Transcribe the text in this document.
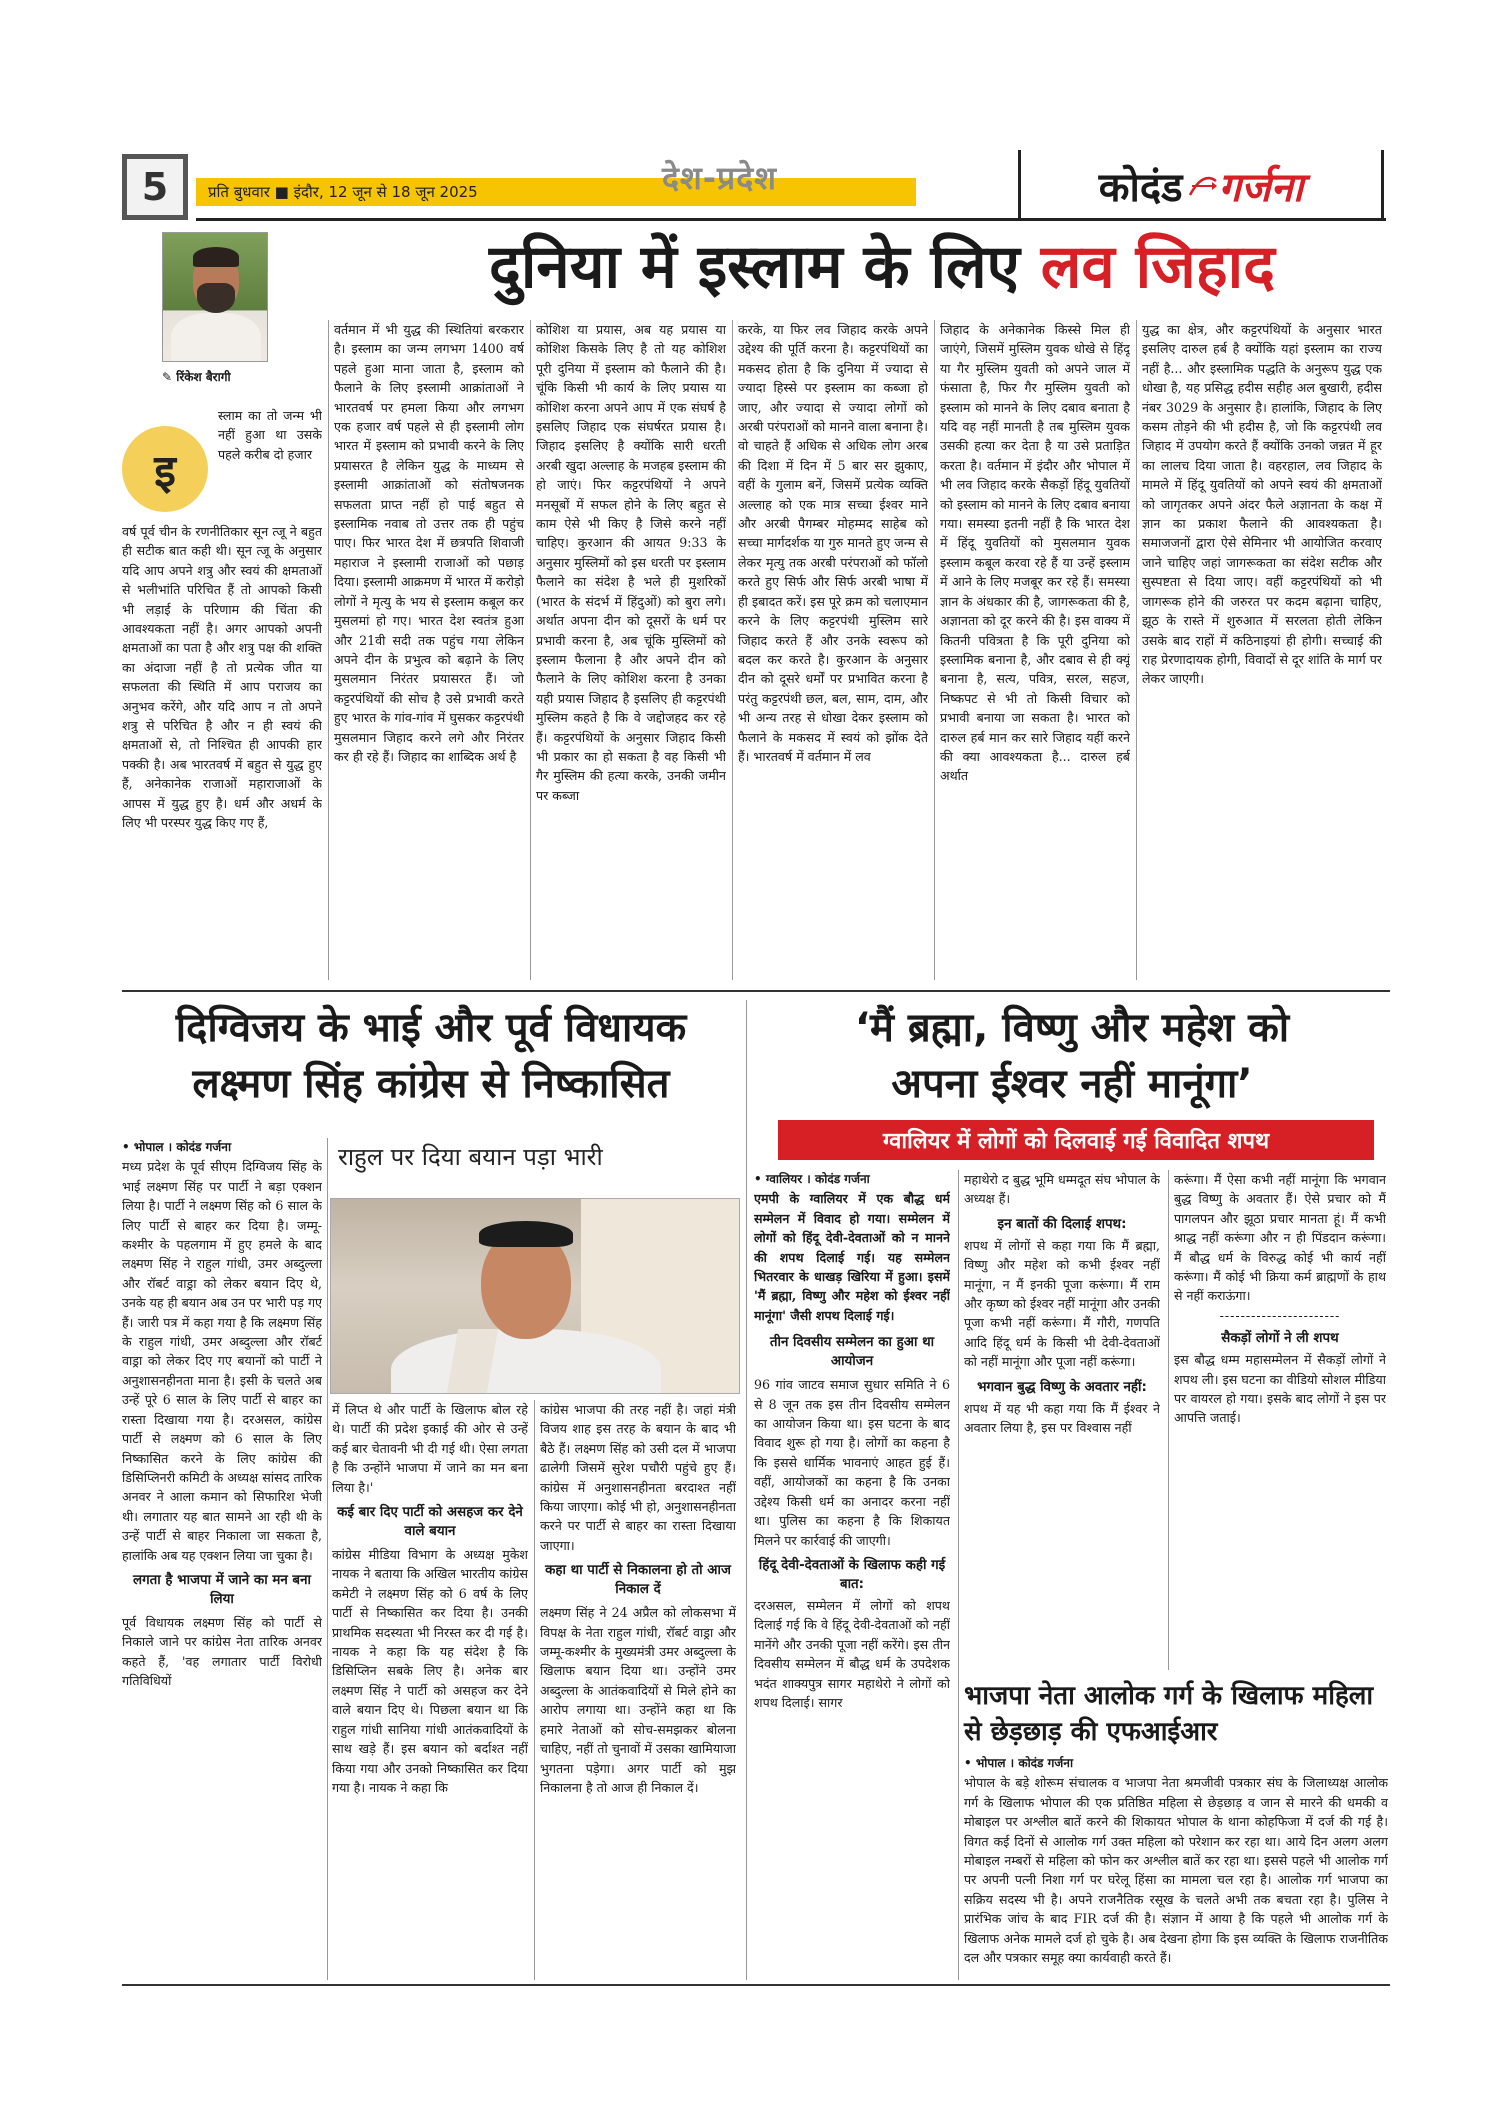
5	प्रति बुधवार ■ इंदौर, 12 जून से 18 जून 2025	देश-प्रदेश	कोदंड गर्जना
दुनिया में इस्लाम के लिए लव जिहाद
✎ रिंकेश बैरागी
इ
स्लाम का तो जन्म भी नहीं हुआ था उसके पहले करीब दो हजार
वर्ष पूर्व चीन के रणनीतिकार सून त्जू ने बहुत ही सटीक बात कही थी। सून त्जू के अनुसार यदि आप अपने शत्रु और स्वयं की क्षमताओं से भलीभांति परिचित हैं तो आपको किसी भी लड़ाई के परिणाम की चिंता की आवश्यकता नहीं है। अगर आपको अपनी क्षमताओं का पता है और शत्रु पक्ष की शक्ति का अंदाजा नहीं है तो प्रत्येक जीत या सफलता की स्थिति में आप पराजय का अनुभव करेंगे, और यदि आप न तो अपने शत्रु से परिचित है और न ही स्वयं की क्षमताओं से, तो निश्चित ही आपकी हार पक्की है। अब भारतवर्ष में बहुत से युद्ध हुए हैं, अनेकानेक राजाओं महाराजाओं के आपस में युद्ध हुए है। धर्म और अधर्म के लिए भी परस्पर युद्ध किए गए हैं,
वर्तमान में भी युद्ध की स्थितियां बरकरार है। इस्लाम का जन्म लगभग 1400 वर्ष पहले हुआ माना जाता है, इस्लाम को फैलाने के लिए इस्लामी आक्रांताओं ने भारतवर्ष पर हमला किया और लगभग एक हजार वर्ष पहले से ही इस्लामी लोग भारत में इस्लाम को प्रभावी करने के लिए प्रयासरत है लेकिन युद्ध के माध्यम से इस्लामी आक्रांताओं को संतोषजनक सफलता प्राप्त नहीं हो पाई बहुत से इस्लामिक नवाब तो उत्तर तक ही पहुंच पाए। फिर भारत देश में छत्रपति शिवाजी महाराज ने इस्लामी राजाओं को पछाड़ दिया। इस्लामी आक्रमण में भारत में करोड़ो लोगों ने मृत्यु के भय से इस्लाम कबूल कर मुसलमां हो गए। भारत देश स्वतंत्र हुआ और 21वी सदी तक पहुंच गया लेकिन अपने दीन के प्रभुत्व को बढ़ाने के लिए मुसलमान निरंतर प्रयासरत हैं। जो कट्टरपंथियों की सोच है उसे प्रभावी करते हुए भारत के गांव-गांव में घुसकर कट्टरपंथी मुसलमान जिहाद करने लगे और निरंतर कर ही रहे हैं। जिहाद का शाब्दिक अर्थ है
कोशिश या प्रयास, अब यह प्रयास या कोशिश किसके लिए है तो यह कोशिश पूरी दुनिया में इस्लाम को फैलाने की है। चूंकि किसी भी कार्य के लिए प्रयास या कोशिश करना अपने आप में एक संघर्ष है इसलिए जिहाद एक संघर्षरत प्रयास है। जिहाद इसलिए है क्योंकि सारी धरती अरबी खुदा अल्लाह के मजहब इस्लाम की हो जाएं। फिर कट्टरपंथियों ने अपने मनसूबों में सफल होने के लिए बहुत से काम ऐसे भी किए है जिसे करने नहीं चाहिए। कुरआन की आयत 9:33 के अनुसार मुस्लिमों को इस धरती पर इस्लाम फैलाने का संदेश है भले ही मुशरिकों (भारत के संदर्भ में हिंदुओं) को बुरा लगे। अर्थात अपना दीन को दूसरों के धर्म पर प्रभावी करना है, अब चूंकि मुस्लिमों को इस्लाम फैलाना है और अपने दीन को फैलाने के लिए कोशिश करना है उनका यही प्रयास जिहाद है इसलिए ही कट्टरपंथी मुस्लिम कहते है कि वे जद्दोजहद कर रहे हैं। कट्टरपंथियों के अनुसार जिहाद किसी भी प्रकार का हो सकता है वह किसी भी गैर मुस्लिम की हत्या करके, उनकी जमीन पर कब्जा
करके, या फिर लव जिहाद करके अपने उद्देश्य की पूर्ति करना है। कट्टरपंथियों का मकसद होता है कि दुनिया में ज्यादा से ज्यादा हिस्से पर इस्लाम का कब्जा हो जाए, और ज्यादा से ज्यादा लोगों को अरबी परंपराओं को मानने वाला बनाना है। वो चाहते हैं अधिक से अधिक लोग अरब की दिशा में दिन में 5 बार सर झुकाए, वहीं के गुलाम बनें, जिसमें प्रत्येक व्यक्ति अल्लाह को एक मात्र सच्चा ईश्वर माने और अरबी पैगम्बर मोहम्मद साहेब को सच्चा मार्गदर्शक या गुरु मानते हुए जन्म से लेकर मृत्यु तक अरबी परंपराओं को फॉलो करते हुए सिर्फ और सिर्फ अरबी भाषा में ही इबादत करें। इस पूरे क्रम को चलाएमान करने के लिए कट्टरपंथी मुस्लिम सारे जिहाद करते हैं और उनके स्वरूप को बदल कर करते है। कुरआन के अनुसार दीन को दूसरे धर्मों पर प्रभावित करना है परंतु कट्टरपंथी छल, बल, साम, दाम, और भी अन्य तरह से धोखा देकर इस्लाम को फैलाने के मकसद में स्वयं को झोंक देते हैं। भारतवर्ष में वर्तमान में लव
जिहाद के अनेकानेक किस्से मिल ही जाएंगे, जिसमें मुस्लिम युवक धोखे से हिंदू या गैर मुस्लिम युवती को अपने जाल में फंसाता है, फिर गैर मुस्लिम युवती को इस्लाम को मानने के लिए दबाव बनाता है यदि वह नहीं मानती है तब मुस्लिम युवक उसकी हत्या कर देता है या उसे प्रताड़ित करता है। वर्तमान में इंदौर और भोपाल में भी लव जिहाद करके सैकड़ों हिंदू युवतियों को इस्लाम को मानने के लिए दबाव बनाया गया। समस्या इतनी नहीं है कि भारत देश में हिंदू युवतियों को मुसलमान युवक इस्लाम कबूल करवा रहे हैं या उन्हें इस्लाम में आने के लिए मजबूर कर रहे हैं। समस्या ज्ञान के अंधकार की है, जागरूकता की है, अज्ञानता को दूर करने की है। इस वाक्य में कितनी पवित्रता है कि पूरी दुनिया को इस्लामिक बनाना है, और दबाव से ही क्यूं बनाना है, सत्य, पवित्र, सरल, सहज, निष्कपट से भी तो किसी विचार को प्रभावी बनाया जा सकता है। भारत को दारुल हर्ब मान कर सारे जिहाद यहीं करने की क्या आवश्यकता है... दारुल हर्ब अर्थात
युद्ध का क्षेत्र, और कट्टरपंथियों के अनुसार भारत इसलिए दारुल हर्ब है क्योंकि यहां इस्लाम का राज्य नहीं है... और इस्लामिक पद्धति के अनुरूप युद्ध एक धोखा है, यह प्रसिद्ध हदीस सहीह अल बुखारी, हदीस नंबर 3029 के अनुसार है। हालांकि, जिहाद के लिए कसम तोड़ने की भी हदीस है, जो कि कट्टरपंथी लव जिहाद में उपयोग करते हैं क्योंकि उनको जन्नत में हूर का लालच दिया जाता है। वहरहाल, लव जिहाद के मामले में हिंदू युवतियों को अपने स्वयं की क्षमताओं को जागृतकर अपने अंदर फैले अज्ञानता के कक्ष में ज्ञान का प्रकाश फैलाने की आवश्यकता है। समाजजनों द्वारा ऐसे सेमिनार भी आयोजित करवाए जाने चाहिए जहां जागरूकता का संदेश सटीक और सुस्पष्टता से दिया जाए। वहीं कट्टरपंथियों को भी जागरूक होने की जरुरत पर कदम बढ़ाना चाहिए, झूठ के रास्ते में शुरुआत में सरलता होती लेकिन उसके बाद राहों में कठिनाइयां ही होगी। सच्चाई की राह प्रेरणादायक होगी, विवादों से दूर शांति के मार्ग पर लेकर जाएगी।
दिग्विजय के भाई और पूर्व विधायक
लक्ष्मण सिंह कांग्रेस से निष्कासित
राहुल पर दिया बयान पड़ा भारी
• भोपाल । कोदंड गर्जना

मध्य प्रदेश के पूर्व सीएम दिग्विजय सिंह के भाई लक्ष्मण सिंह पर पार्टी ने बड़ा एक्शन लिया है। पार्टी ने लक्ष्मण सिंह को 6 साल के लिए पार्टी से बाहर कर दिया है। जम्मू-कश्मीर के पहलगाम में हुए हमले के बाद लक्ष्मण सिंह ने राहुल गांधी, उमर अब्दुल्ला और रॉबर्ट वाड्रा को लेकर बयान दिए थे, उनके यह ही बयान अब उन पर भारी पड़ गए हैं। जारी पत्र में कहा गया है कि लक्ष्मण सिंह के राहुल गांधी, उमर अब्दुल्ला और रॉबर्ट वाड्रा को लेकर दिए गए बयानों को पार्टी ने अनुशासनहीनता माना है। इसी के चलते अब उन्हें पूरे 6 साल के लिए पार्टी से बाहर का रास्ता दिखाया गया है। दरअसल, कांग्रेस पार्टी से लक्ष्मण को 6 साल के लिए निष्कासित करने के लिए कांग्रेस की डिसिप्लिनरी कमिटी के अध्यक्ष सांसद तारिक अनवर ने आला कमान को सिफारिश भेजी थी। लगातार यह बात सामने आ रही थी के उन्हें पार्टी से बाहर निकाला जा सकता है, हालांकि अब यह एक्शन लिया जा चुका है।

लगता है भाजपा में जाने का मन बना लिया

पूर्व विधायक लक्ष्मण सिंह को पार्टी से निकाले जाने पर कांग्रेस नेता तारिक अनवर कहते हैं, 'वह लगातार पार्टी विरोधी गतिविधियों

में लिप्त थे और पार्टी के खिलाफ बोल रहे थे। पार्टी की प्रदेश इकाई की ओर से उन्हें कई बार चेतावनी भी दी गई थी। ऐसा लगता है कि उन्होंने भाजपा में जाने का मन बना लिया है।'

कई बार दिए पार्टी को असहज कर देने वाले बयान

कांग्रेस मीडिया विभाग के अध्यक्ष मुकेश नायक ने बताया कि अखिल भारतीय कांग्रेस कमेटी ने लक्ष्मण सिंह को 6 वर्ष के लिए पार्टी से निष्कासित कर दिया है। उनकी प्राथमिक सदस्यता भी निरस्त कर दी गई है। नायक ने कहा कि यह संदेश है कि डिसिप्लिन सबके लिए है। अनेक बार लक्ष्मण सिंह ने पार्टी को असहज कर देने वाले बयान दिए थे। पिछला बयान था कि राहुल गांधी सानिया गांधी आतंकवादियों के साथ खड़े हैं। इस बयान को बर्दाश्त नहीं किया गया और उनको निष्कासित कर दिया गया है। नायक ने कहा कि

कांग्रेस भाजपा की तरह नहीं है। जहां मंत्री विजय शाह इस तरह के बयान के बाद भी बैठे हैं। लक्ष्मण सिंह को उसी दल में भाजपा ढालेगी जिसमें सुरेश पचौरी पहुंचे हुए हैं। कांग्रेस में अनुशासनहीनता बरदाश्त नहीं किया जाएगा। कोई भी हो, अनुशासनहीनता करने पर पार्टी से बाहर का रास्ता दिखाया जाएगा।

कहा था पार्टी से निकालना हो तो आज निकाल दें

लक्ष्मण सिंह ने 24 अप्रैल को लोकसभा में विपक्ष के नेता राहुल गांधी, रॉबर्ट वाड्रा और जम्मू-कश्मीर के मुख्यमंत्री उमर अब्दुल्ला के खिलाफ बयान दिया था। उन्होंने उमर अब्दुल्ला के आतंकवादियों से मिले होने का आरोप लगाया था। उन्होंने कहा था कि हमारे नेताओं को सोच-समझकर बोलना चाहिए, नहीं तो चुनावों में उसका खामियाजा भुगतना पड़ेगा। अगर पार्टी को मुझ निकालना है तो आज ही निकाल दें।

‘मैं ब्रह्मा, विष्णु और महेश को
अपना ईश्वर नहीं मानूंगा’
ग्वालियर में लोगों को दिलवाई गई विवादित शपथ
• ग्वालियर । कोदंड गर्जना

एमपी के ग्वालियर में एक बौद्ध धर्म सम्मेलन में विवाद हो गया। सम्मेलन में लोगों को हिंदू देवी-देवताओं को न मानने की शपथ दिलाई गई। यह सम्मेलन भितरवार के धाखड़ खिरिया में हुआ। इसमें 'मैं ब्रह्मा, विष्णु और महेश को ईश्वर नहीं मानूंगा' जैसी शपथ दिलाई गई।

तीन दिवसीय सम्मेलन का हुआ था आयोजन

96 गांव जाटव समाज सुधार समिति ने 6 से 8 जून तक इस तीन दिवसीय सम्मेलन का आयोजन किया था। इस घटना के बाद विवाद शुरू हो गया है। लोगों का कहना है कि इससे धार्मिक भावनाएं आहत हुई हैं। वहीं, आयोजकों का कहना है कि उनका उद्देश्य किसी धर्म का अनादर करना नहीं था। पुलिस का कहना है कि शिकायत मिलने पर कार्रवाई की जाएगी।

हिंदू देवी-देवताओं के खिलाफ कही गई बात:

दरअसल, सम्मेलन में लोगों को शपथ दिलाई गई कि वे हिंदू देवी-देवताओं को नहीं मानेंगे और उनकी पूजा नहीं करेंगे। इस तीन दिवसीय सम्मेलन में बौद्ध धर्म के उपदेशक भदंत शाक्यपुत्र सागर महाथेरो ने लोगों को शपथ दिलाई। सागर

महाथेरो द बुद्ध भूमि धम्मदूत संघ भोपाल के अध्यक्ष हैं।

इन बातों की दिलाई शपथ:

शपथ में लोगों से कहा गया कि मैं ब्रह्मा, विष्णु और महेश को कभी ईश्वर नहीं मानूंगा, न मैं इनकी पूजा करूंगा। मैं राम और कृष्ण को ईश्वर नहीं मानूंगा और उनकी पूजा कभी नहीं करूंगा। मैं गौरी, गणपति आदि हिंदू धर्म के किसी भी देवी-देवताओं को नहीं मानूंगा और पूजा नहीं करूंगा।

भगवान बुद्ध विष्णु के अवतार नहीं:

शपथ में यह भी कहा गया कि मैं ईश्वर ने अवतार लिया है, इस पर विश्वास नहीं

करूंगा। मैं ऐसा कभी नहीं मानूंगा कि भगवान बुद्ध विष्णु के अवतार हैं। ऐसे प्रचार को मैं पागलपन और झूठा प्रचार मानता हूं। मैं कभी श्राद्ध नहीं करूंगा और न ही पिंडदान करूंगा। मैं बौद्ध धर्म के विरुद्ध कोई भी कार्य नहीं करूंगा। मैं कोई भी क्रिया कर्म ब्राह्मणों के हाथ से नहीं कराऊंगा।

-----------------------
सैकड़ों लोगों ने ली शपथ

इस बौद्ध धम्म महासम्मेलन में सैकड़ों लोगों ने शपथ ली। इस घटना का वीडियो सोशल मीडिया पर वायरल हो गया। इसके बाद लोगों ने इस पर आपत्ति जताई।

भाजपा नेता आलोक गर्ग के खिलाफ महिला से छेड़छाड़ की एफआईआर
• भोपाल । कोदंड गर्जना

भोपाल के बड़े शोरूम संचालक व भाजपा नेता श्रमजीवी पत्रकार संघ के जिलाध्यक्ष आलोक गर्ग के खिलाफ भोपाल की एक प्रतिष्ठित महिला से छेड़छाड़ व जान से मारने की धमकी व मोबाइल पर अश्लील बातें करने की शिकायत भोपाल के थाना कोहफिजा में दर्ज की गई है। विगत कई दिनों से आलोक गर्ग उक्त महिला को परेशान कर रहा था। आये दिन अलग अलग मोबाइल नम्बरों से महिला को फोन कर अश्लील बातें कर रहा था। इससे पहले भी आलोक गर्ग पर अपनी पत्नी निशा गर्ग पर घरेलू हिंसा का मामला चल रहा है। आलोक गर्ग भाजपा का सक्रिय सदस्य भी है। अपने राजनैतिक रसूख के चलते अभी तक बचता रहा है। पुलिस ने प्रारंभिक जांच के बाद FIR दर्ज की है। संज्ञान में आया है कि पहले भी आलोक गर्ग के खिलाफ अनेक मामले दर्ज हो चुके है। अब देखना होगा कि इस व्यक्ति के खिलाफ राजनीतिक दल और पत्रकार समूह क्या कार्यवाही करते हैं।
